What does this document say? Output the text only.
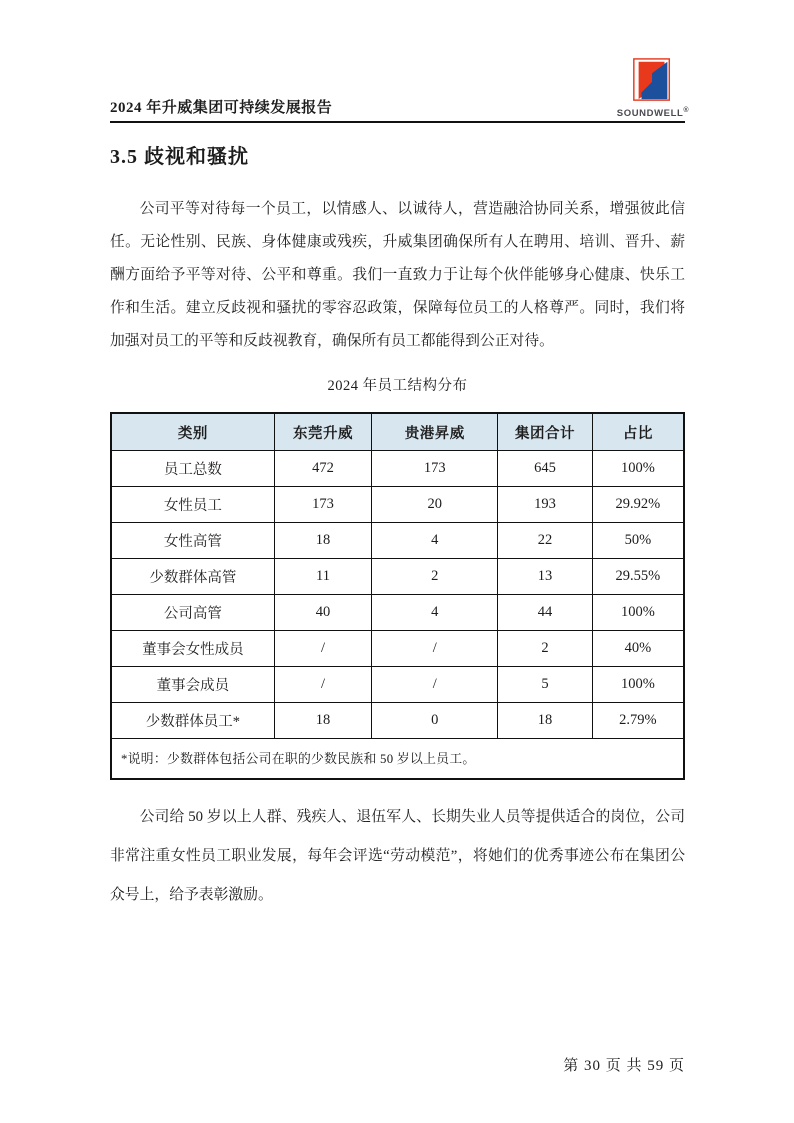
2024 年升威集团可持续发展报告	SOUNDWELL®
3.5 歧视和骚扰

公司平等对待每一个员工，以情感人、以诚待人，营造融洽协同关系，增强彼此信任。无论性别、民族、身体健康或残疾，升威集团确保所有人在聘用、培训、晋升、薪酬方面给予平等对待、公平和尊重。我们一直致力于让每个伙伴能够身心健康、快乐工作和生活。建立反歧视和骚扰的零容忍政策，保障每位员工的人格尊严。同时，我们将加强对员工的平等和反歧视教育，确保所有员工都能得到公正对待。

2024 年员工结构分布
类别	东莞升威	贵港昇威	集团合计	占比
员工总数	472	173	645	100%
女性员工	173	20	193	29.92%
女性高管	18	4	22	50%
少数群体高管	11	2	13	29.55%
公司高管	40	4	44	100%
董事会女性成员	/	/	2	40%
董事会成员	/	/	5	100%
少数群体员工*	18	0	18	2.79%
*说明：少数群体包括公司在职的少数民族和 50 岁以上员工。				

公司给 50 岁以上人群、残疾人、退伍军人、长期失业人员等提供适合的岗位，公司非常注重女性员工职业发展，每年会评选“劳动模范”，将她们的优秀事迹公布在集团公众号上，给予表彰激励。

第 30 页 共 59 页
